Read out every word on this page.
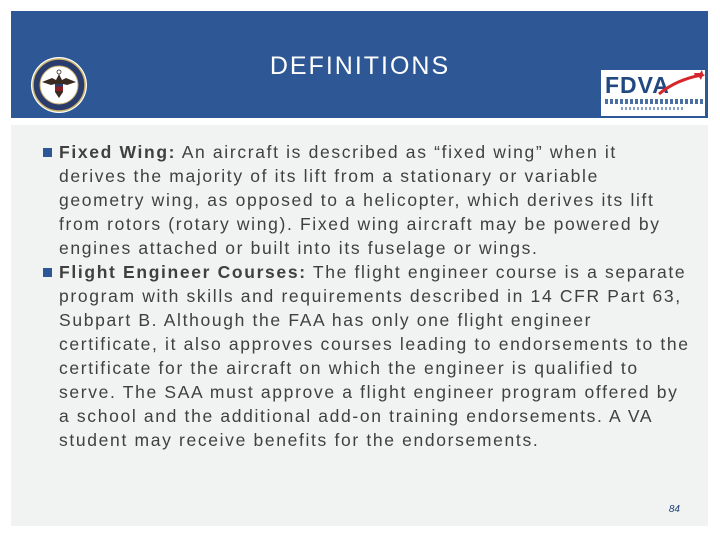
DEFINITIONS
FDVA
Fixed Wing: An aircraft is described as “fixed wing” when it derives the majority of its lift from a stationary or variable geometry wing, as opposed to a helicopter, which derives its lift from rotors (rotary wing). Fixed wing aircraft may be powered by engines attached or built into its fuselage or wings.
Flight Engineer Courses: The flight engineer course is a separate program with skills and requirements described in 14 CFR Part 63, Subpart B. Although the FAA has only one flight engineer certificate, it also approves courses leading to endorsements to the certificate for the aircraft on which the engineer is qualified to serve. The SAA must approve a flight engineer program offered by a school and the additional add-on training endorsements. A VA student may receive benefits for the endorsements.
84
